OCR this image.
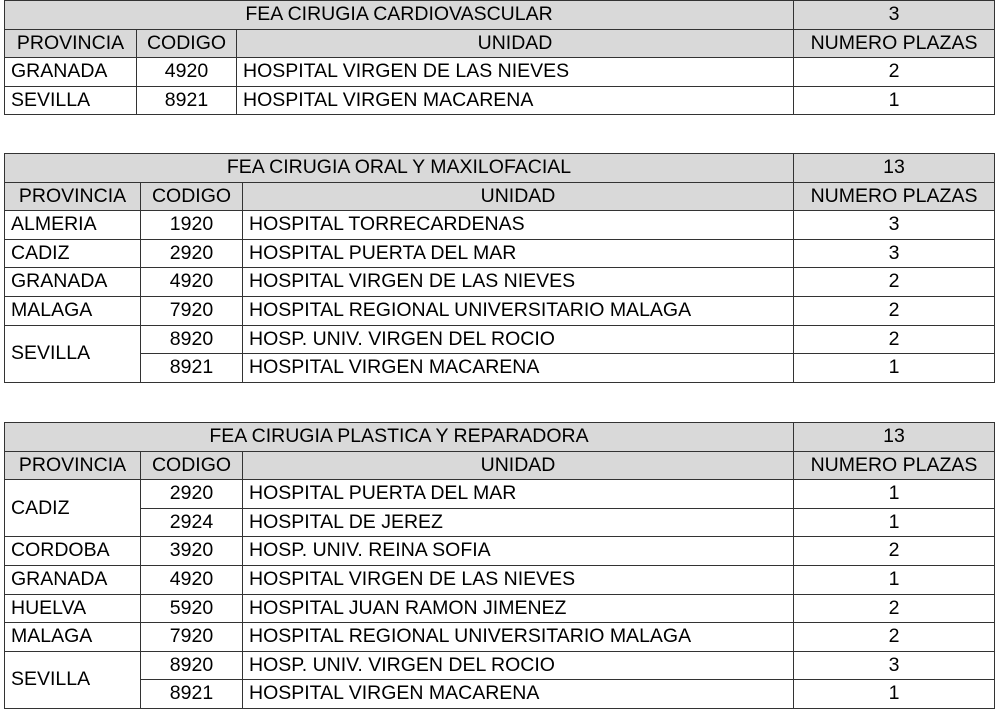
FEA CIRUGIA CARDIOVASCULAR			3
PROVINCIA	CODIGO	UNIDAD	NUMERO PLAZAS
GRANADA	4920	HOSPITAL VIRGEN DE LAS NIEVES	2
SEVILLA	8921	HOSPITAL VIRGEN MACARENA	1
FEA CIRUGIA ORAL Y MAXILOFACIAL			13
PROVINCIA	CODIGO	UNIDAD	NUMERO PLAZAS
ALMERIA	1920	HOSPITAL TORRECARDENAS	3
CADIZ	2920	HOSPITAL PUERTA DEL MAR	3
GRANADA	4920	HOSPITAL VIRGEN DE LAS NIEVES	2
MALAGA	7920	HOSPITAL REGIONAL UNIVERSITARIO MALAGA	2
SEVILLA	8920	HOSP. UNIV. VIRGEN DEL ROCIO	2
	8921	HOSPITAL VIRGEN MACARENA	1
FEA CIRUGIA PLASTICA Y REPARADORA			13
PROVINCIA	CODIGO	UNIDAD	NUMERO PLAZAS
CADIZ	2920	HOSPITAL PUERTA DEL MAR	1
	2924	HOSPITAL DE JEREZ	1
CORDOBA	3920	HOSP. UNIV. REINA SOFIA	2
GRANADA	4920	HOSPITAL VIRGEN DE LAS NIEVES	1
HUELVA	5920	HOSPITAL JUAN RAMON JIMENEZ	2
MALAGA	7920	HOSPITAL REGIONAL UNIVERSITARIO MALAGA	2
SEVILLA	8920	HOSP. UNIV. VIRGEN DEL ROCIO	3
	8921	HOSPITAL VIRGEN MACARENA	1
